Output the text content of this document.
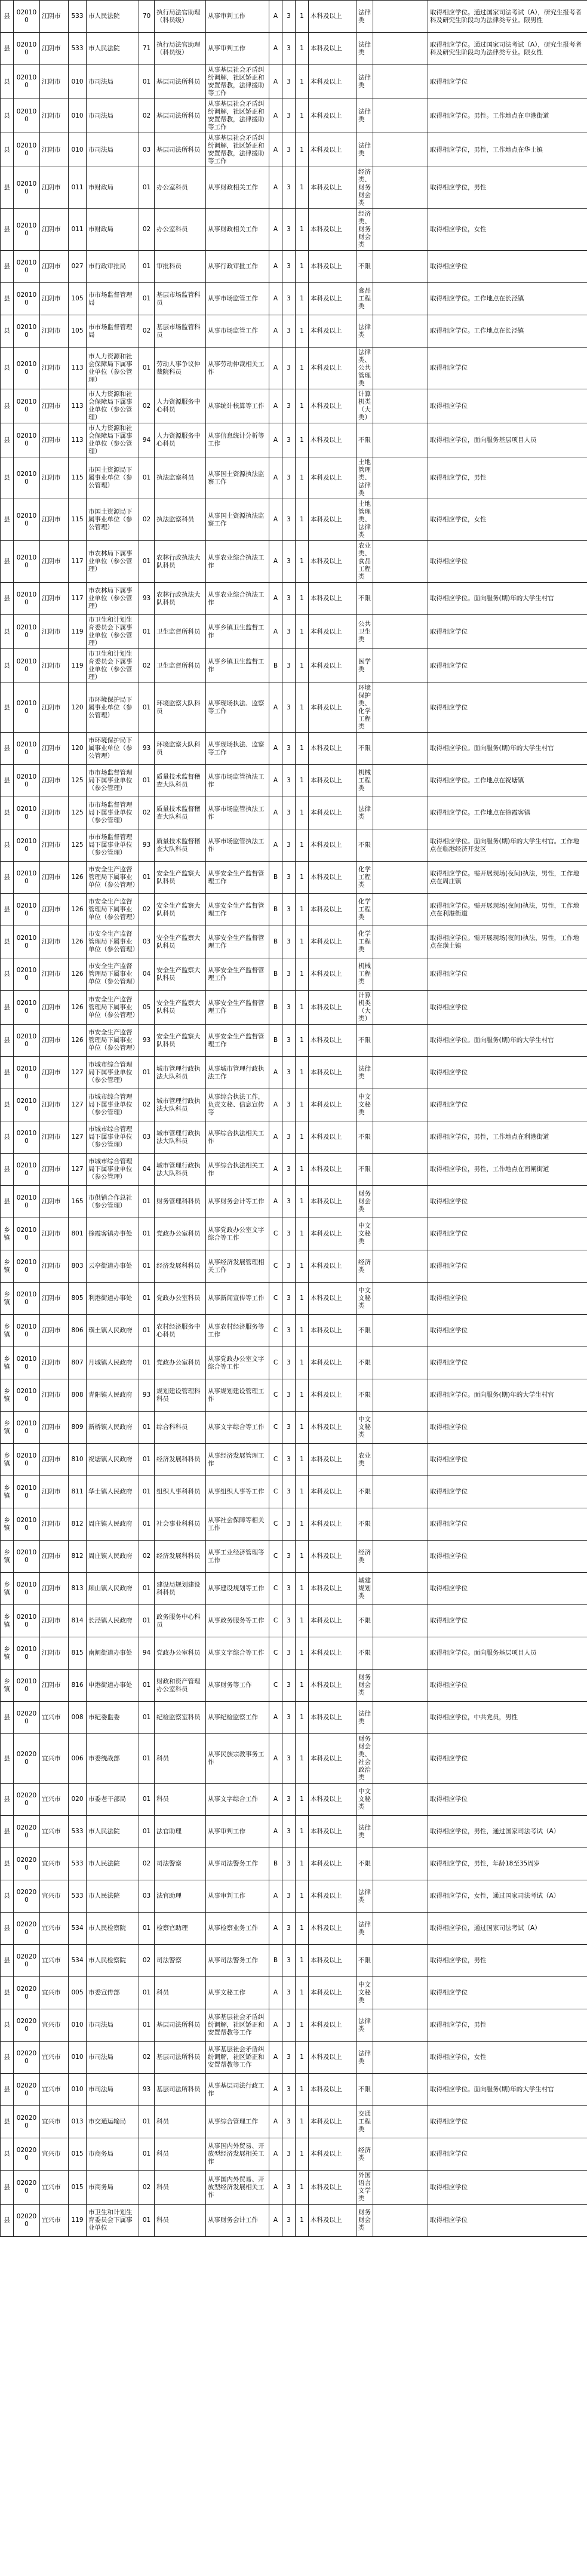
县	020100	江阴市	533	市人民法院	70	执行局法官助理（科员级）	从事审判工作	A	3	1	本科及以上	法律类		取得相应学位。通过国家司法考试（A），研究生报考者科及研究生阶段均为法律类专业。限男性
县	020100	江阴市	533	市人民法院	71	执行局法官助理（科员级）	从事审判工作	A	3	1	本科及以上	法律类		取得相应学位。通过国家司法考试（A），研究生报考者科及研究生阶段均为法律类专业。限女性
县	020100	江阴市	010	市司法局	01	基层司法所科员	从事基层社会矛盾纠纷调解，社区矫正和安置帮教，法律援助等工作	A	3	1	本科及以上	法律类		取得相应学位
县	020100	江阴市	010	市司法局	02	基层司法所科员	从事基层社会矛盾纠纷调解，社区矫正和安置帮教，法律援助等工作	A	3	1	本科及以上	法律类		取得相应学位。男性。工作地点在申港街道
县	020100	江阴市	010	市司法局	03	基层司法所科员	从事基层社会矛盾纠纷调解，社区矫正和安置帮教，法律援助等工作	A	3	1	本科及以上	法律类		取得相应学位，男性，工作地点在华士镇
县	020100	江阴市	011	市财政局	01	办公室科员	从事财政相关工作	A	3	1	本科及以上	经济类、财务财会类		取得相应学位，男性
县	020100	江阴市	011	市财政局	02	办公室科员	从事财政相关工作	A	3	1	本科及以上	经济类、财务财会类		取得相应学位，女性
县	020100	江阴市	027	市行政审批局	01	审批科员	从事行政审批工作	A	3	1	本科及以上	不限		取得相应学位
县	020100	江阴市	105	市市场监督管理局	01	基层市场监管科员	从事市场监管工作	A	3	1	本科及以上	食品工程类		取得相应学位。工作地点在长泾镇
县	020100	江阴市	105	市市场监督管理局	02	基层市场监管科员	从事市场监管工作	A	3	1	本科及以上	法律类		取得相应学位。工作地点在长泾镇
县	020100	江阴市	113	市人力资源和社会保障局下属事业单位（参公管理）	01	劳动人事争议仲裁院科员	从事劳动仲裁相关工作	A	3	1	本科及以上	法律类、公共管理类		取得相应学位
县	020100	江阴市	113	市人力资源和社会保障局下属事业单位（参公管理）	02	人力资源服务中心科员	从事统计核算等工作	A	3	1	本科及以上	计算机类（大类）		取得相应学位
县	020100	江阴市	113	市人力资源和社会保障局下属事业单位（参公管理）	94	人力资源服务中心科员	从事信息统计分析等工作	A	3	1	本科及以上	不限		取得相应学位，面向服务基层项目人员
县	020100	江阴市	115	市国土资源局下属事业单位（参公管理）	01	执法监察科员	从事国土资源执法监察工作	A	3	1	本科及以上	土地管理类、法律类		取得相应学位，男性
县	020100	江阴市	115	市国土资源局下属事业单位（参公管理）	02	执法监察科员	从事国土资源执法监察工作	A	3	1	本科及以上	土地管理类、法律类		取得相应学位，女性
县	020100	江阴市	117	市农林局下属事业单位（参公管理）	01	农林行政执法大队科员	从事农业综合执法工作	A	3	1	本科及以上	农业类、食品工程类		取得相应学位
县	020100	江阴市	117	市农林局下属事业单位（参公管理）	93	农林行政执法大队科员	从事农业综合执法工作	A	3	1	本科及以上	不限		取得相应学位。面向服务(期)年的大学生村官
县	020100	江阴市	119	市卫生和计划生育委员会下属事业单位（参公管理）	01	卫生监督所科员	从事乡镇卫生监督工作	A	3	1	本科及以上	公共卫生类		取得相应学位
县	020100	江阴市	119	市卫生和计划生育委员会下属事业单位（参公管理）	02	卫生监督所科员	从事乡镇卫生监督工作	B	3	1	本科及以上	医学类		取得相应学位
县	020100	江阴市	120	市环境保护局下属事业单位（参公管理）	01	环境监察大队科员	从事现场执法、监察等工作	A	3	1	本科及以上	环境保护类、化学工程类		取得相应学位
县	020100	江阴市	120	市环境保护局下属事业单位（参公管理）	93	环境监察大队科员	从事现场执法、监察等工作	A	3	1	本科及以上	不限		取得相应学位。面向服务(期)年的大学生村官
县	020100	江阴市	125	市市场监督管理局下属事业单位（参公管理）	01	质量技术监督稽查大队科员	从事市场监管执法工作	A	3	1	本科及以上	机械工程类		取得相应学位。工作地点在祝塘镇
县	020100	江阴市	125	市市场监督管理局下属事业单位（参公管理）	02	质量技术监督稽查大队科员	从事市场监管执法工作	A	3	1	本科及以上	法律类		取得相应学位。工作地点在徐霞客镇
县	020100	江阴市	125	市市场监督管理局下属事业单位（参公管理）	93	质量技术监督稽查大队科员	从事市场监管执法工作	A	3	1	本科及以上	不限		取得相应学位。面向服务(期)年的大学生村官。工作地点在临港经济开发区
县	020100	江阴市	126	市安全生产监督管理局下属事业单位（参公管理）	01	安全生产监察大队科员	从事安全生产监督管理工作	B	3	1	本科及以上	化学工程类		取得相应学位。需开展现场(夜间)执法，男性，工作地点在周庄镇
县	020100	江阴市	126	市安全生产监督管理局下属事业单位（参公管理）	02	安全生产监察大队科员	从事安全生产监督管理工作	B	3	1	本科及以上	化学工程类		取得相应学位。需开展现场(夜间)执法，男性，工作地点在利港街道
县	020100	江阴市	126	市安全生产监督管理局下属事业单位（参公管理）	03	安全生产监察大队科员	从事安全生产监督管理工作	B	3	1	本科及以上	化学工程类		取得相应学位。需开展现场(夜间)执法，男性，工作地点在璜土镇
县	020100	江阴市	126	市安全生产监督管理局下属事业单位（参公管理）	04	安全生产监察大队科员	从事安全生产监督管理工作	B	3	1	本科及以上	机械工程类		取得相应学位
县	020100	江阴市	126	市安全生产监督管理局下属事业单位（参公管理）	05	安全生产监察大队科员	从事安全生产监督管理工作	B	3	1	本科及以上	计算机类（大类）		取得相应学位
县	020100	江阴市	126	市安全生产监督管理局下属事业单位（参公管理）	93	安全生产监察大队科员	从事安全生产监督管理工作	B	3	1	本科及以上	不限		取得相应学位。面向服务(期)年的大学生村官
县	020100	江阴市	127	市城市综合管理局下属事业单位（参公管理）	01	城市管理行政执法大队科员	从事城市管理行政执法工作	A	3	1	本科及以上	法律类		取得相应学位
县	020100	江阴市	127	市城市综合管理局下属事业单位（参公管理）	02	城市管理行政执法大队科员	从事综合执法工作，负责文秘、信息宣传等	A	3	1	本科及以上	中文文秘类		取得相应学位
县	020100	江阴市	127	市城市综合管理局下属事业单位（参公管理）	03	城市管理行政执法大队科员	从事综合执法相关工作	A	3	1	本科及以上	不限		取得相应学位，男性，工作地点在利港街道
县	020100	江阴市	127	市城市综合管理局下属事业单位（参公管理）	04	城市管理行政执法大队科员	从事综合执法相关工作	A	3	1	本科及以上	不限		取得相应学位，男性，工作地点在南闸街道
县	020100	江阴市	165	市供销合作总社（参公管理）	01	财务管理科科员	从事财务会计等工作	A	3	1	本科及以上	财务财会类		取得相应学位
乡镇	020100	江阴市	801	徐霞客镇办事处	01	党政办公室科员	从事党政办公室文字综合等工作	C	3	1	本科及以上	中文文秘类		取得相应学位
乡镇	020100	江阴市	803	云亭街道办事处	01	经济发展科科员	从事经济发展管理相关工作	C	3	1	本科及以上	经济类		取得相应学位
乡镇	020100	江阴市	805	利港街道办事处	01	党政办公室科员	从事新闻宣传等工作	C	3	1	本科及以上	中文文秘类		取得相应学位
乡镇	020100	江阴市	806	璜土镇人民政府	01	农村经济服务中心科员	从事农村经济服务等工作	C	3	1	本科及以上	不限		取得相应学位
乡镇	020100	江阴市	807	月城镇人民政府	01	党政办公室科员	从事党政办公室文字综合等工作	C	3	1	本科及以上	不限		取得相应学位
乡镇	020100	江阴市	808	青阳镇人民政府	93	规划建设管理科科员	从事规划建设管理工作	C	3	1	本科及以上	不限		取得相应学位。面向服务(期)年的大学生村官
乡镇	020100	江阴市	809	新桥镇人民政府	01	综合科科员	从事文字综合等工作	C	3	1	本科及以上	中文文秘类		取得相应学位
乡镇	020100	江阴市	810	祝塘镇人民政府	01	经济发展科科员	从事经济发展管理工作	C	3	1	本科及以上	农业类		取得相应学位
乡镇	020100	江阴市	811	华士镇人民政府	01	组织人事科科员	从事组织人事等工作	C	3	1	本科及以上	不限		取得相应学位
乡镇	020100	江阴市	812	周庄镇人民政府	01	社会事业科科员	从事社会保障等相关工作	C	3	1	本科及以上	不限		取得相应学位
乡镇	020100	江阴市	812	周庄镇人民政府	02	经济发展科科员	从事工业经济管理等工作	C	3	1	本科及以上	经济类		取得相应学位
乡镇	020100	江阴市	813	顾山镇人民政府	01	建设局规划建设科科员	从事建设规划等工作	C	3	1	本科及以上	城建规划类		取得相应学位
乡镇	020100	江阴市	814	长泾镇人民政府	01	政务服务中心科员	从事政务服务等工作	C	3	1	本科及以上	不限		取得相应学位
乡镇	020100	江阴市	815	南闸街道办事处	94	党政办公室科员	从事文字综合等工作	C	3	1	本科及以上	不限		取得相应学位。面向服务基层项目人员
乡镇	020100	江阴市	816	申港街道办事处	01	财政和资产管理办公室科员	从事财务等工作	C	3	1	本科及以上	财务财会类		取得相应学位
县	020200	宜兴市	008	市纪委监委	01	纪检监察室科员	从事纪检监察工作	A	3	1	本科及以上	法律类		取得相应学位，中共党员，男性
县	020200	宜兴市	006	市委统战部	01	科员	从事民族宗教事务工作	A	3	1	本科及以上	财务财会类、社会政治类		取得相应学位
县	020200	宜兴市	020	市委老干部局	01	科员	从事文字综合工作	A	3	1	本科及以上	中文文秘类		取得相应学位
县	020200	宜兴市	533	市人民法院	01	法官助理	从事审判工作	A	3	1	本科及以上	法律类		取得相应学位，男性，通过国家司法考试（A）
县	020200	宜兴市	533	市人民法院	02	司法警察	从事司法警务工作	B	3	1	本科及以上	不限		取得相应学位，男性，年龄18至35周岁
县	020200	宜兴市	533	市人民法院	03	法官助理	从事审判工作	A	3	1	本科及以上	法律类		取得相应学位，女性，通过国家司法考试（A）
县	020200	宜兴市	534	市人民检察院	01	检察官助理	从事检察业务工作	A	3	1	本科及以上	法律类		取得相应学位，通过国家司法考试（A）
县	020200	宜兴市	534	市人民检察院	02	司法警察	从事司法警务工作	B	3	1	本科及以上	不限		取得相应学位，男性
县	020200	宜兴市	005	市委宣传部	01	科员	从事文秘工作	A	3	1	本科及以上	中文文秘类		取得相应学位
县	020200	宜兴市	010	市司法局	01	基层司法所科员	从事基层社会矛盾纠纷调解，社区矫正和安置帮教等工作	A	3	1	本科及以上	法律类		取得相应学位，男性
县	020200	宜兴市	010	市司法局	02	基层司法所科员	从事基层社会矛盾纠纷调解，社区矫正和安置帮教等工作	A	3	1	本科及以上	法律类		取得相应学位，女性
县	020200	宜兴市	010	市司法局	93	基层司法所科员	从事基层司法行政工作	A	3	1	本科及以上	不限		取得相应学位。面向服务(期)年的大学生村官
县	020200	宜兴市	013	市交通运输局	01	科员	从事综合管理工作	A	3	1	本科及以上	交通工程类		取得相应学位
县	020200	宜兴市	015	市商务局	01	科员	从事国内外贸易、开放型经济发展相关工作	A	3	1	本科及以上	经济类		取得相应学位
县	020200	宜兴市	015	市商务局	02	科员	从事国内外贸易、开放型经济发展相关工作	A	3	1	本科及以上	外国语言文学类		取得相应学位
县	020200	宜兴市	119	市卫生和计划生育委员会下属事业单位	01	科员	从事财务会计工作	A	3	1	本科及以上	财务财会类		取得相应学位
